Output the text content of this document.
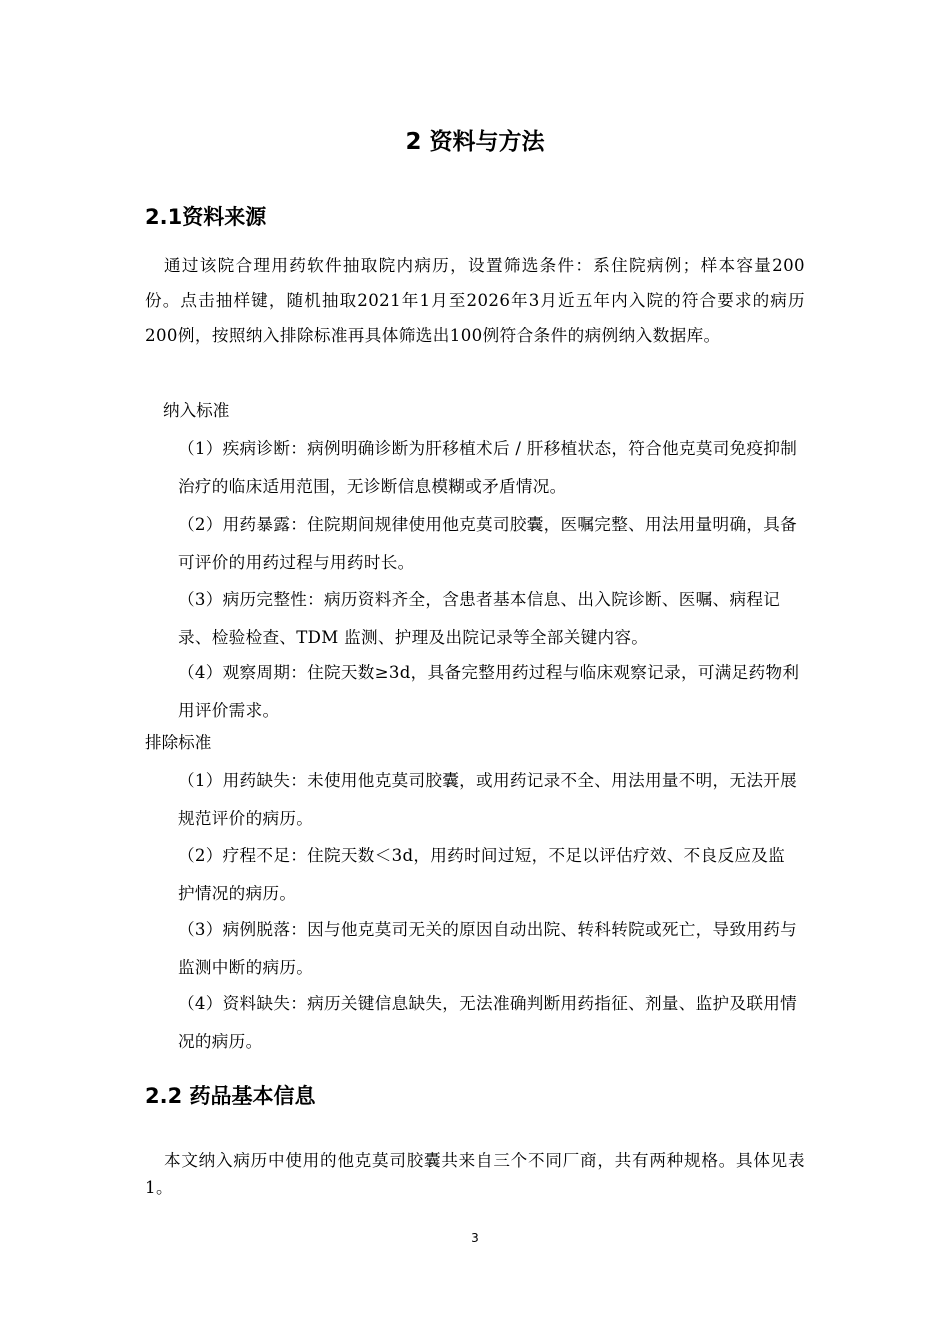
2 资料与方法
2.1资料来源

通过该院合理用药软件抽取院内病历，设置筛选条件：系住院病例；样本容量200份。点击抽样键，随机抽取2021年1月至2026年3月近五年内入院的符合要求的病历200例，按照纳入排除标准再具体筛选出100例符合条件的病例纳入数据库。

纳入标准

（1）疾病诊断：病例明确诊断为肝移植术后 / 肝移植状态，符合他克莫司免疫抑制治疗的临床适用范围，无诊断信息模糊或矛盾情况。

（2）用药暴露：住院期间规律使用他克莫司胶囊，医嘱完整、用法用量明确，具备可评价的用药过程与用药时长。

（3）病历完整性：病历资料齐全，含患者基本信息、出入院诊断、医嘱、病程记录、检验检查、TDM 监测、护理及出院记录等全部关键内容。

（4）观察周期：住院天数≥3d，具备完整用药过程与临床观察记录，可满足药物利用评价需求。

排除标准

（1）用药缺失：未使用他克莫司胶囊，或用药记录不全、用法用量不明，无法开展规范评价的病历。

（2）疗程不足：住院天数＜3d，用药时间过短，不足以评估疗效、不良反应及监护情况的病历。

（3）病例脱落：因与他克莫司无关的原因自动出院、转科转院或死亡，导致用药与监测中断的病历。

（4）资料缺失：病历关键信息缺失，无法准确判断用药指征、剂量、监护及联用情况的病历。

2.2 药品基本信息

本文纳入病历中使用的他克莫司胶囊共来自三个不同厂商，共有两种规格。具体见表 1。

3
